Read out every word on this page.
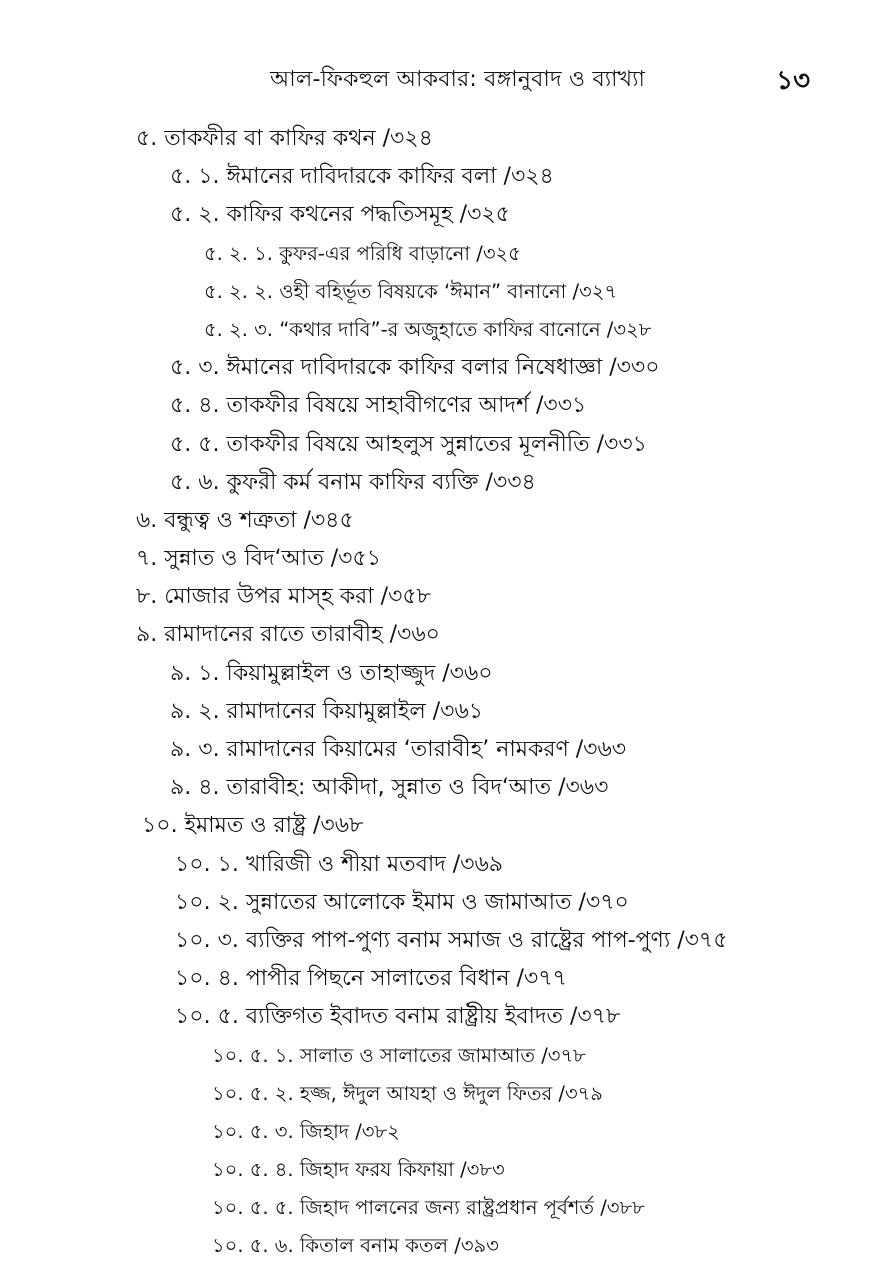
আল-ফিকহুল আকবার: বঙ্গানুবাদ ও ব্যাখ্যা	১৩
৫. তাকফীর বা কাফির কথন /৩২৪
৫. ১. ঈমানের দাবিদারকে কাফির বলা /৩২৪
৫. ২. কাফির কথনের পদ্ধতিসমূহ /৩২৫
৫. ২. ১. কুফর-এর পরিধি বাড়ানো /৩২৫
৫. ২. ২. ওহী বহির্ভূত বিষয়কে ‘ঈমান” বানানো /৩২৭
৫. ২. ৩. “কথার দাবি”-র অজুহাতে কাফির বানোনে /৩২৮
৫. ৩. ঈমানের দাবিদারকে কাফির বলার নিষেধাজ্ঞা /৩৩০
৫. ৪. তাকফীর বিষয়ে সাহাবীগণের আদর্শ /৩৩১
৫. ৫. তাকফীর বিষয়ে আহলুস সুন্নাতের মূলনীতি /৩৩১
৫. ৬. কুফরী কর্ম বনাম কাফির ব্যক্তি /৩৩৪
৬. বন্ধুত্ব ও শত্রুতা /৩৪৫
৭. সুন্নাত ও বিদ‘আত /৩৫১
৮. মোজার উপর মাস্‌হ করা /৩৫৮
৯. রামাদানের রাতে তারাবীহ /৩৬০
৯. ১. কিয়ামুল্লাইল ও তাহাজ্জুদ /৩৬০
৯. ২. রামাদানের কিয়ামুল্লাইল /৩৬১
৯. ৩. রামাদানের কিয়ামের ‘তারাবীহ’ নামকরণ /৩৬৩
৯. ৪. তারাবীহ: আকীদা, সুন্নাত ও বিদ‘আত /৩৬৩
১০. ইমামত ও রাষ্ট্র /৩৬৮
১০. ১. খারিজী ও শীয়া মতবাদ /৩৬৯
১০. ২. সুন্নাতের আলোকে ইমাম ও জামাআত /৩৭০
১০. ৩. ব্যক্তির পাপ-পুণ্য বনাম সমাজ ও রাষ্ট্রের পাপ-পুণ্য /৩৭৫
১০. ৪. পাপীর পিছনে সালাতের বিধান /৩৭৭
১০. ৫. ব্যক্তিগত ইবাদত বনাম রাষ্ট্রীয় ইবাদত /৩৭৮
১০. ৫. ১. সালাত ও সালাতের জামাআত /৩৭৮
১০. ৫. ২. হজ্জ, ঈদুল আযহা ও ঈদুল ফিতর /৩৭৯
১০. ৫. ৩. জিহাদ /৩৮২
১০. ৫. ৪. জিহাদ ফরয কিফায়া /৩৮৩
১০. ৫. ৫. জিহাদ পালনের জন্য রাষ্ট্রপ্রধান পূর্বশর্ত /৩৮৮
১০. ৫. ৬. কিতাল বনাম কতল /৩৯৩
